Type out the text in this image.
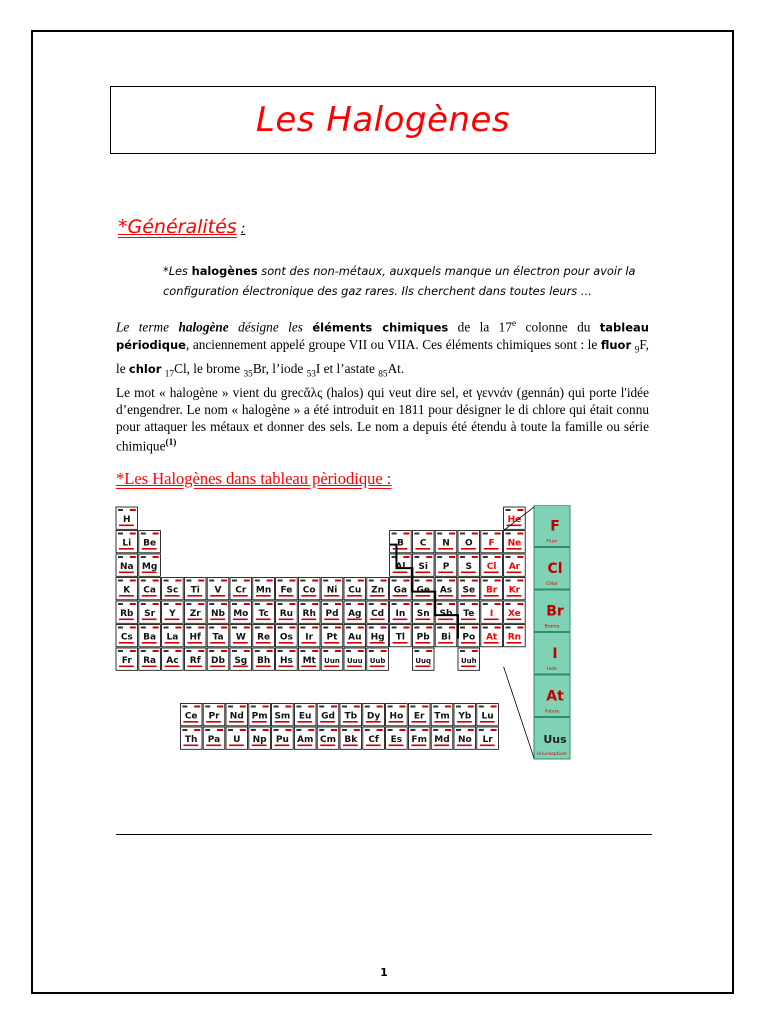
Les Halogènes
*Généralités :
*Les halogènes sont des non-métaux, auxquels manque un électron pour avoir la configuration électronique des gaz rares. Ils cherchent dans toutes leurs ...
Le terme halogène désigne les éléments chimiques de la 17e colonne du tableau périodique, anciennement appelé groupe VII ou VIIA. Ces éléments chimiques sont : le fluor $_9$F, le chlor $_{17}$Cl, le brome $_{35}$Br, l’iode $_{53}$I et l’astate $_{85}$At.
Le mot « halogène » vient du grecἅλς (halos) qui veut dire sel, et γεννάν (gennán) qui porte l'idée d’engendrer. Le nom « halogène » a été introduit en 1811 pour désigner le di chlore qui était connu pour attaquer les métaux et donner des sels. Le nom a depuis été étendu à toute la famille ou série chimique$^{(1)}$
*Les Halogènes dans tableau pèriodique :
H	He
Li Be	B C N O F Ne
Na Mg	Al Si P S Cl Ar
K Ca Sc Ti V Cr Mn Fe Co Ni Cu Zn Ga Ge As Se Br Kr
Rb Sr Y Zr Nb Mo Tc Ru Rh Pd Ag Cd In Sn Sb Te I Xe
Cs Ba La Hf Ta W Re Os Ir Pt Au Hg Tl Pb Bi Po At Rn
Fr Ra Ac Rf Db Sg Bh Hs Mt Uun Uuu Uub	Uuq	Uuh
Ce Pr Nd Pm Sm Eu Gd Tb Dy Ho Er Tm Yb Lu
Th Pa U Np Pu Am Cm Bk Cf Es Fm Md No Lr
F
Fluor
Cl
Chlor
Br
Brome
I
Iode
At
Astate
Uus
Ununseptium
1
